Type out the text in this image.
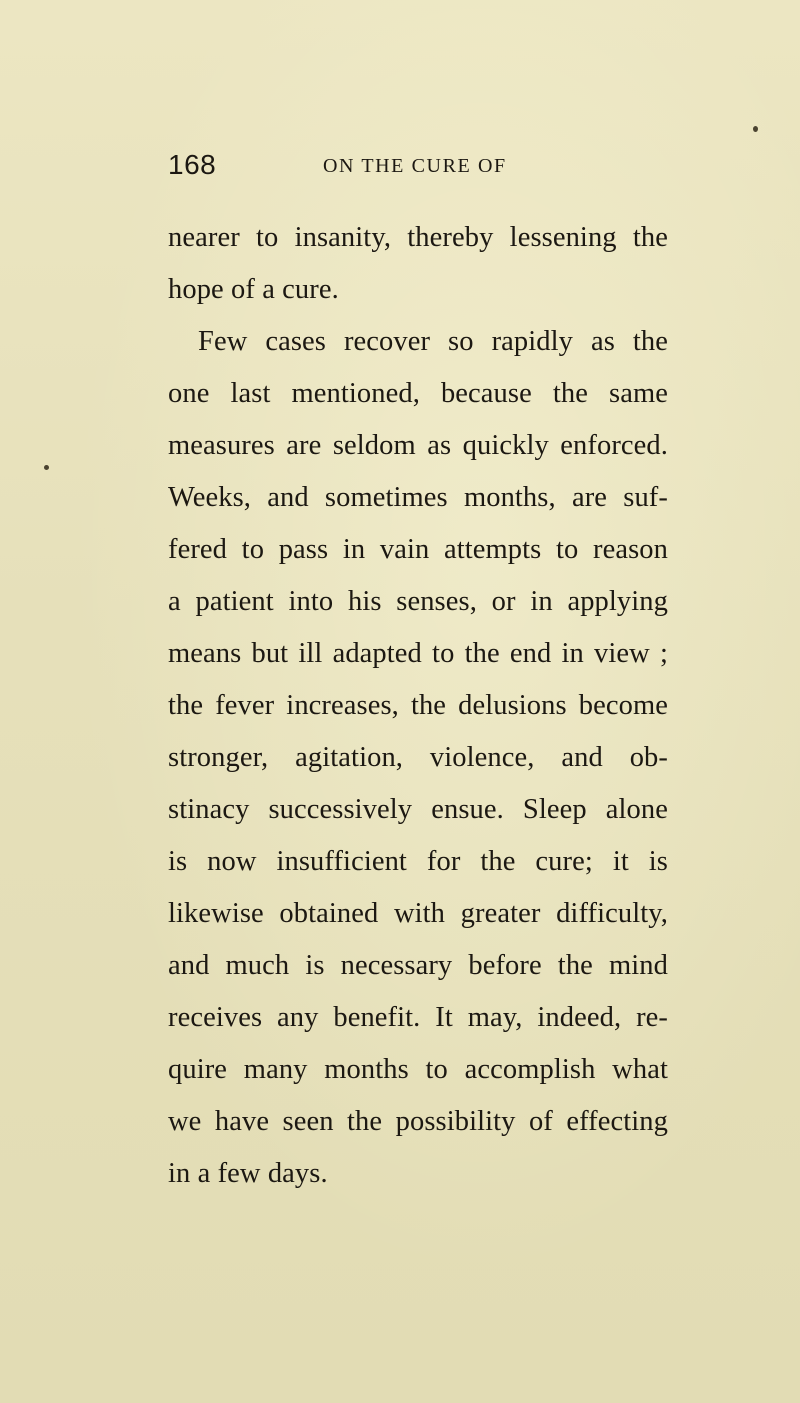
168	ON THE CURE OF
nearer to insanity, thereby lessening the
hope of a cure.
Few cases recover so rapidly as the
one last mentioned, because the same
measures are seldom as quickly enforced.
Weeks, and sometimes months, are suf-
fered to pass in vain attempts to reason
a patient into his senses, or in applying
means but ill adapted to the end in view ;
the fever increases, the delusions become
stronger, agitation, violence, and ob-
stinacy successively ensue. Sleep alone
is now insufficient for the cure; it is
likewise obtained with greater difficulty,
and much is necessary before the mind
receives any benefit. It may, indeed, re-
quire many months to accomplish what
we have seen the possibility of effecting
in a few days.
